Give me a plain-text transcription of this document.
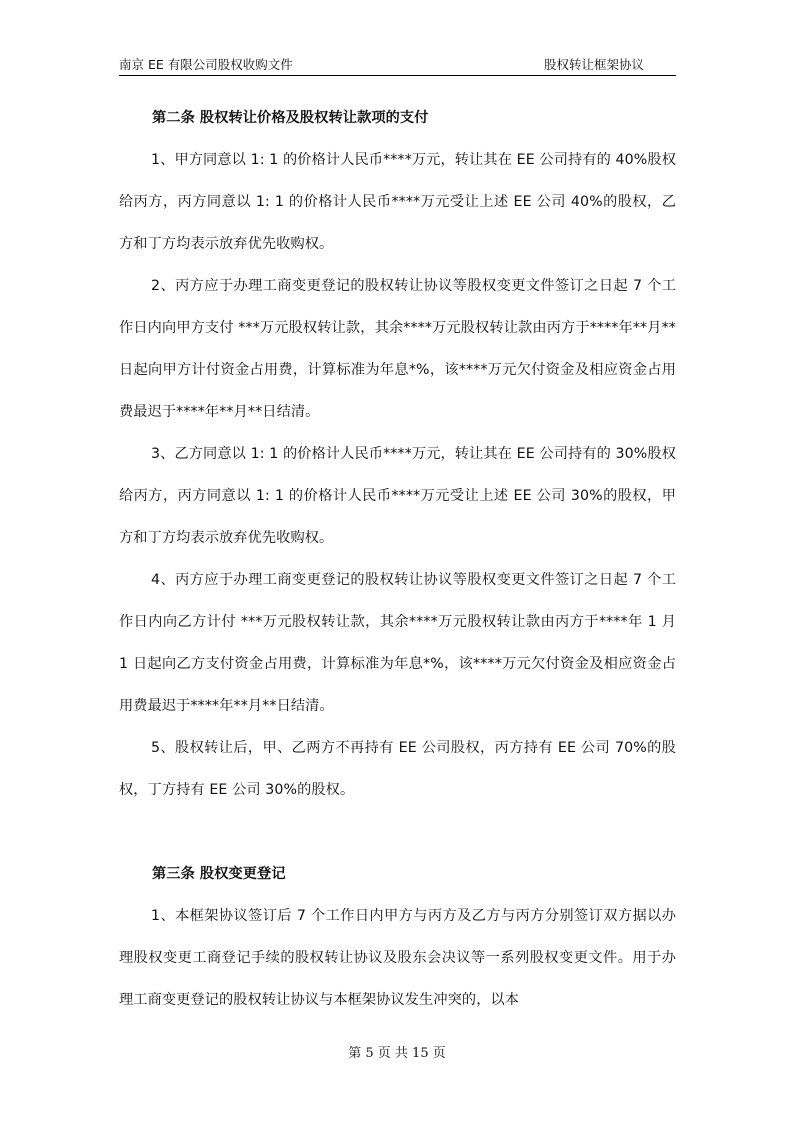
南京 EE 有限公司股权收购文件	股权转让框架协议
第二条 股权转让价格及股权转让款项的支付

1、甲方同意以 1: 1 的价格计人民币****万元，转让其在 EE 公司持有的 40%股权给丙方，丙方同意以 1: 1 的价格计人民币****万元受让上述 EE 公司 40%的股权，乙方和丁方均表示放弃优先收购权。

2、丙方应于办理工商变更登记的股权转让协议等股权变更文件签订之日起 7 个工作日内向甲方支付 ***万元股权转让款，其余****万元股权转让款由丙方于****年**月**日起向甲方计付资金占用费，计算标准为年息*%，该****万元欠付资金及相应资金占用费最迟于****年**月**日结清。

3、乙方同意以 1: 1 的价格计人民币****万元，转让其在 EE 公司持有的 30%股权给丙方，丙方同意以 1: 1 的价格计人民币****万元受让上述 EE 公司 30%的股权，甲方和丁方均表示放弃优先收购权。

4、丙方应于办理工商变更登记的股权转让协议等股权变更文件签订之日起 7 个工作日内向乙方计付 ***万元股权转让款，其余****万元股权转让款由丙方于****年 1 月 1 日起向乙方支付资金占用费，计算标准为年息*%，该****万元欠付资金及相应资金占用费最迟于****年**月**日结清。

5、股权转让后，甲、乙两方不再持有 EE 公司股权，丙方持有 EE 公司 70%的股权，丁方持有 EE 公司 30%的股权。

第三条 股权变更登记

1、本框架协议签订后 7 个工作日内甲方与丙方及乙方与丙方分别签订双方据以办理股权变更工商登记手续的股权转让协议及股东会决议等一系列股权变更文件。用于办理工商变更登记的股权转让协议与本框架协议发生冲突的，以本

第 5 页 共 15 页
